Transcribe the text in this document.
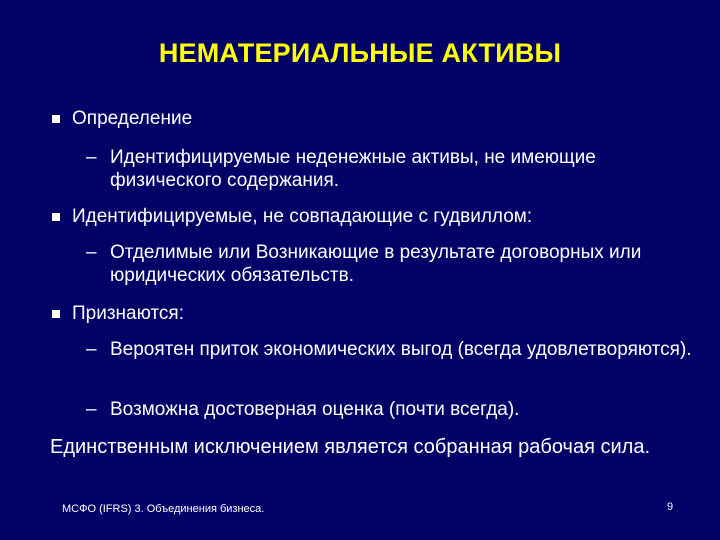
НЕМАТЕРИАЛЬНЫЕ АКТИВЫ
Определение
– Идентифицируемые неденежные активы, не имеющие физического содержания.
Идентифицируемые, не совпадающие с гудвиллом:
– Отделимые или Возникающие в результате договорных или юридических обязательств.
Признаются:
– Вероятен приток экономических выгод (всегда удовлетворяются).
– Возможна достоверная оценка (почти всегда).
Единственным исключением является собранная рабочая сила.
МСФО (IFRS) 3. Объединения бизнеса.	9
